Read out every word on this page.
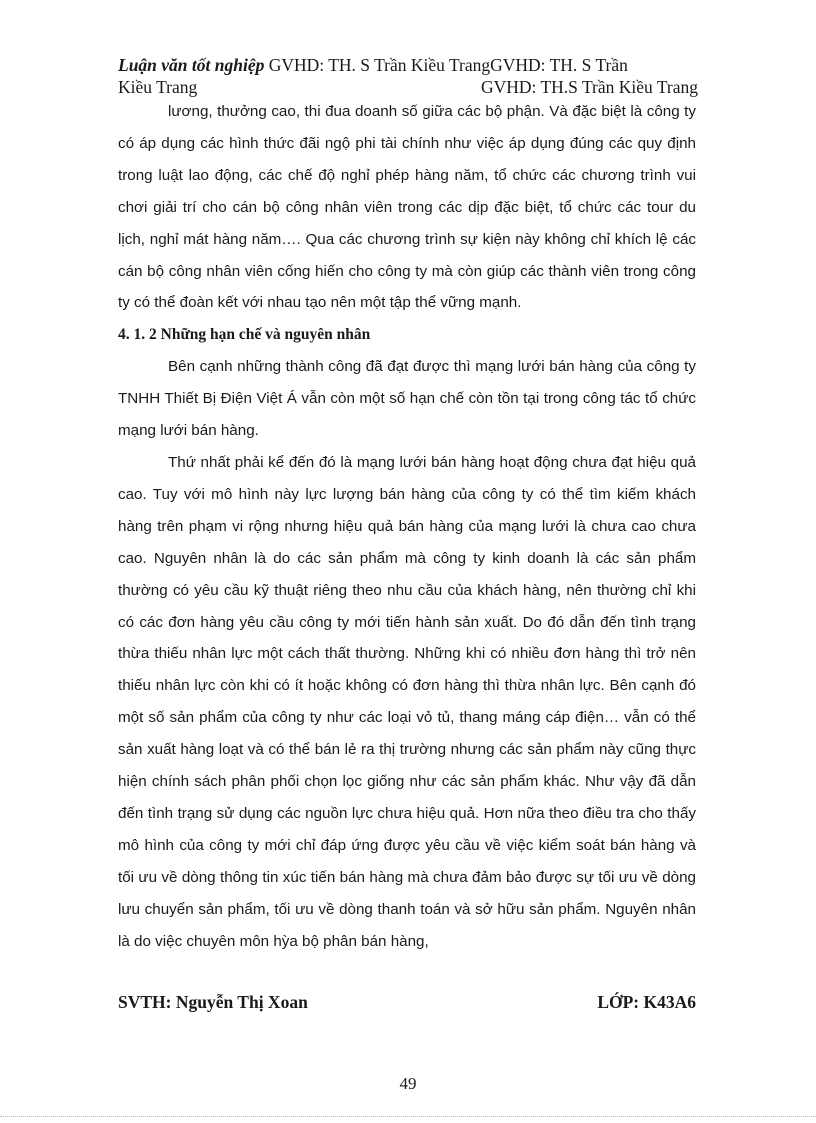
Luận văn tốt nghiệp GVHD: TH. S Trần Kiều TrangGVHD: TH. S Trần
Kiều Trang	GVHD: TH.S Trần Kiều Trang

lương, thưởng cao, thi đua doanh số giữa các bộ phận. Và đặc biệt là công ty có áp dụng các hình thức đãi ngộ phi tài chính như việc áp dụng đúng các quy định trong luật lao động, các chế độ nghỉ phép hàng năm, tổ chức các chương trình vui chơi giải trí cho cán bộ công nhân viên trong các dịp đặc biệt, tổ chức các tour du lịch, nghỉ mát hàng năm…. Qua các chương trình sự kiện này không chỉ khích lệ các cán bộ công nhân viên cống hiến cho công ty mà còn giúp các thành viên trong công ty có thể đoàn kết với nhau tạo nên một tập thể vững mạnh.

4. 1. 2 Những hạn chế và nguyên nhân

Bên cạnh những thành công đã đạt được thì mạng lưới bán hàng của công ty TNHH Thiết Bị Điện Việt Á vẫn còn một số hạn chế còn tồn tại trong công tác tổ chức mạng lưới bán hàng.

Thứ nhất phải kể đến đó là mạng lưới bán hàng hoạt động chưa đạt hiệu quả cao. Tuy với mô hình này lực lượng bán hàng của công ty có thể tìm kiếm khách hàng trên phạm vi rộng nhưng hiệu quả bán hàng của mạng lưới là chưa cao chưa cao. Nguyên nhân là do các sản phẩm mà công ty kinh doanh là các sản phẩm thường có yêu cầu kỹ thuật riêng theo nhu cầu của khách hàng, nên thường chỉ khi có các đơn hàng yêu cầu công ty mới tiến hành sản xuất. Do đó dẫn đến tình trạng thừa thiếu nhân lực một cách thất thường. Những khi có nhiều đơn hàng thì trở nên thiếu nhân lực còn khi có ít hoặc không có đơn hàng thì thừa nhân lực. Bên cạnh đó một số sản phẩm của công ty như các loại vỏ tủ, thang máng cáp điện… vẫn có thể sản xuất hàng loạt và có thể bán lẻ ra thị trường nhưng các sản phẩm này cũng thực hiện chính sách phân phối chọn lọc giống như các sản phẩm khác. Như vậy đã dẫn đến tình trạng sử dụng các nguồn lực chưa hiệu quả. Hơn nữa theo điều tra cho thấy mô hình của công ty mới chỉ đáp ứng được yêu cầu về việc kiểm soát bán hàng và tối ưu về dòng thông tin xúc tiến bán hàng mà chưa đảm bảo được sự tối ưu về dòng lưu chuyển sản phẩm, tối ưu về dòng thanh toán và sở hữu sản phẩm. Nguyên nhân là do việc chuyên môn hỳa bộ phân bán hàng,

SVTH: Nguyễn Thị Xoan	LỚP: K43A6
49
